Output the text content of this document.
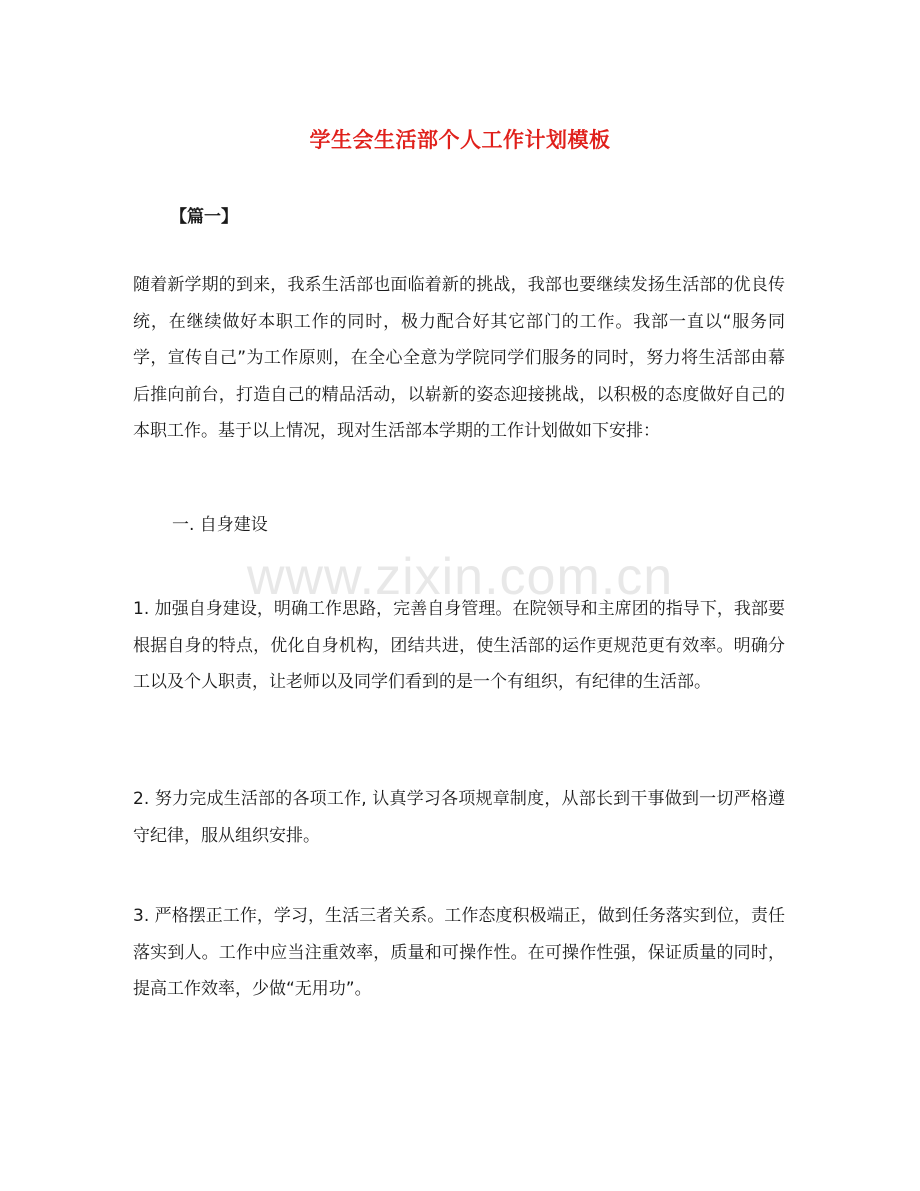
学生会生活部个人工作计划模板

【篇一】

随着新学期的到来，我系生活部也面临着新的挑战，我部也要继续发扬生活部的优良传统，在继续做好本职工作的同时，极力配合好其它部门的工作。我部一直以“服务同学，宣传自己”为工作原则，在全心全意为学院同学们服务的同时，努力将生活部由幕后推向前台，打造自己的精品活动，以崭新的姿态迎接挑战，以积极的态度做好自己的本职工作。基于以上情况，现对生活部本学期的工作计划做如下安排：

一. 自身建设

www.zixin.com.cn

1. 加强自身建设，明确工作思路，完善自身管理。在院领导和主席团的指导下，我部要根据自身的特点，优化自身机构，团结共进，使生活部的运作更规范更有效率。明确分工以及个人职责，让老师以及同学们看到的是一个有组织，有纪律的生活部。

2. 努力完成生活部的各项工作, 认真学习各项规章制度，从部长到干事做到一切严格遵守纪律，服从组织安排。

3. 严格摆正工作，学习，生活三者关系。工作态度积极端正，做到任务落实到位，责任落实到人。工作中应当注重效率，质量和可操作性。在可操作性强，保证质量的同时，提高工作效率，少做“无用功”。
